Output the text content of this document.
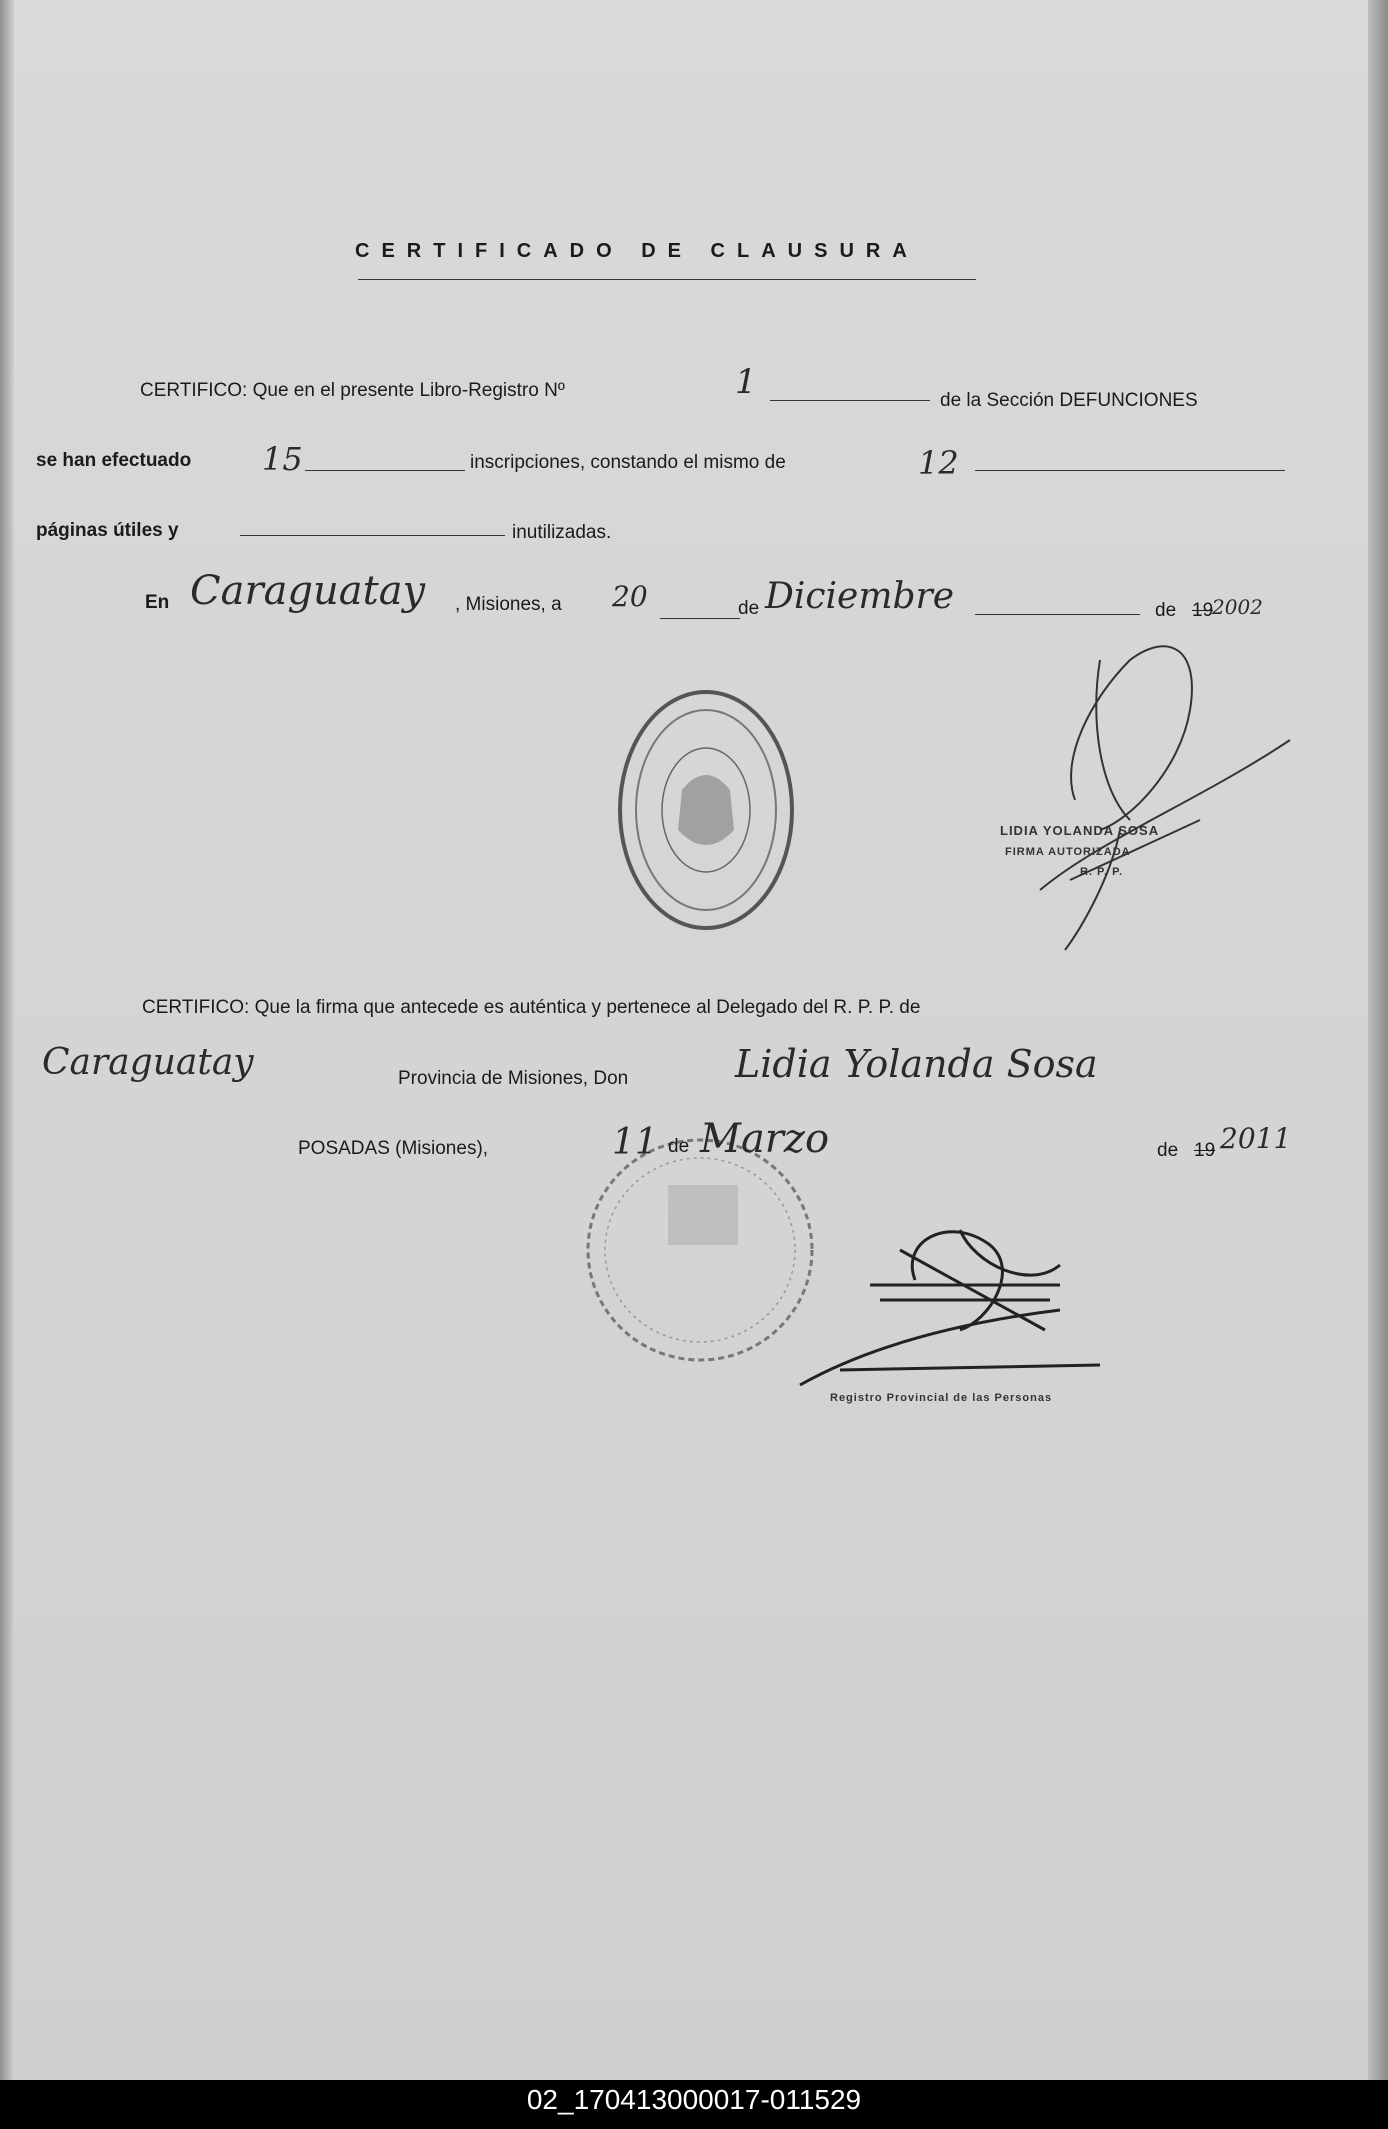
CERTIFICADO DE CLAUSURA
CERTIFICO: Que en el presente Libro-Registro Nº	1	de la Sección DEFUNCIONES
se han efectuado 15	inscripciones, constando el mismo de	12
páginas útiles y	inutilizadas.
En Caraguatay , Misiones, a 20	de Diciembre	de 19
2002
LIDIA YOLANDA SOSA
FIRMA AUTORIZADA
R. P. P.
CERTIFICO: Que la firma que antecede es auténtica y pertenece al Delegado del R. P. P. de
Caraguatay	Provincia de Misiones, Don	Lidia Yolanda Sosa
POSADAS (Misiones),	11 de Marzo	de 19 2011
Registro Provincial de las Personas
02_170413000017-011529
